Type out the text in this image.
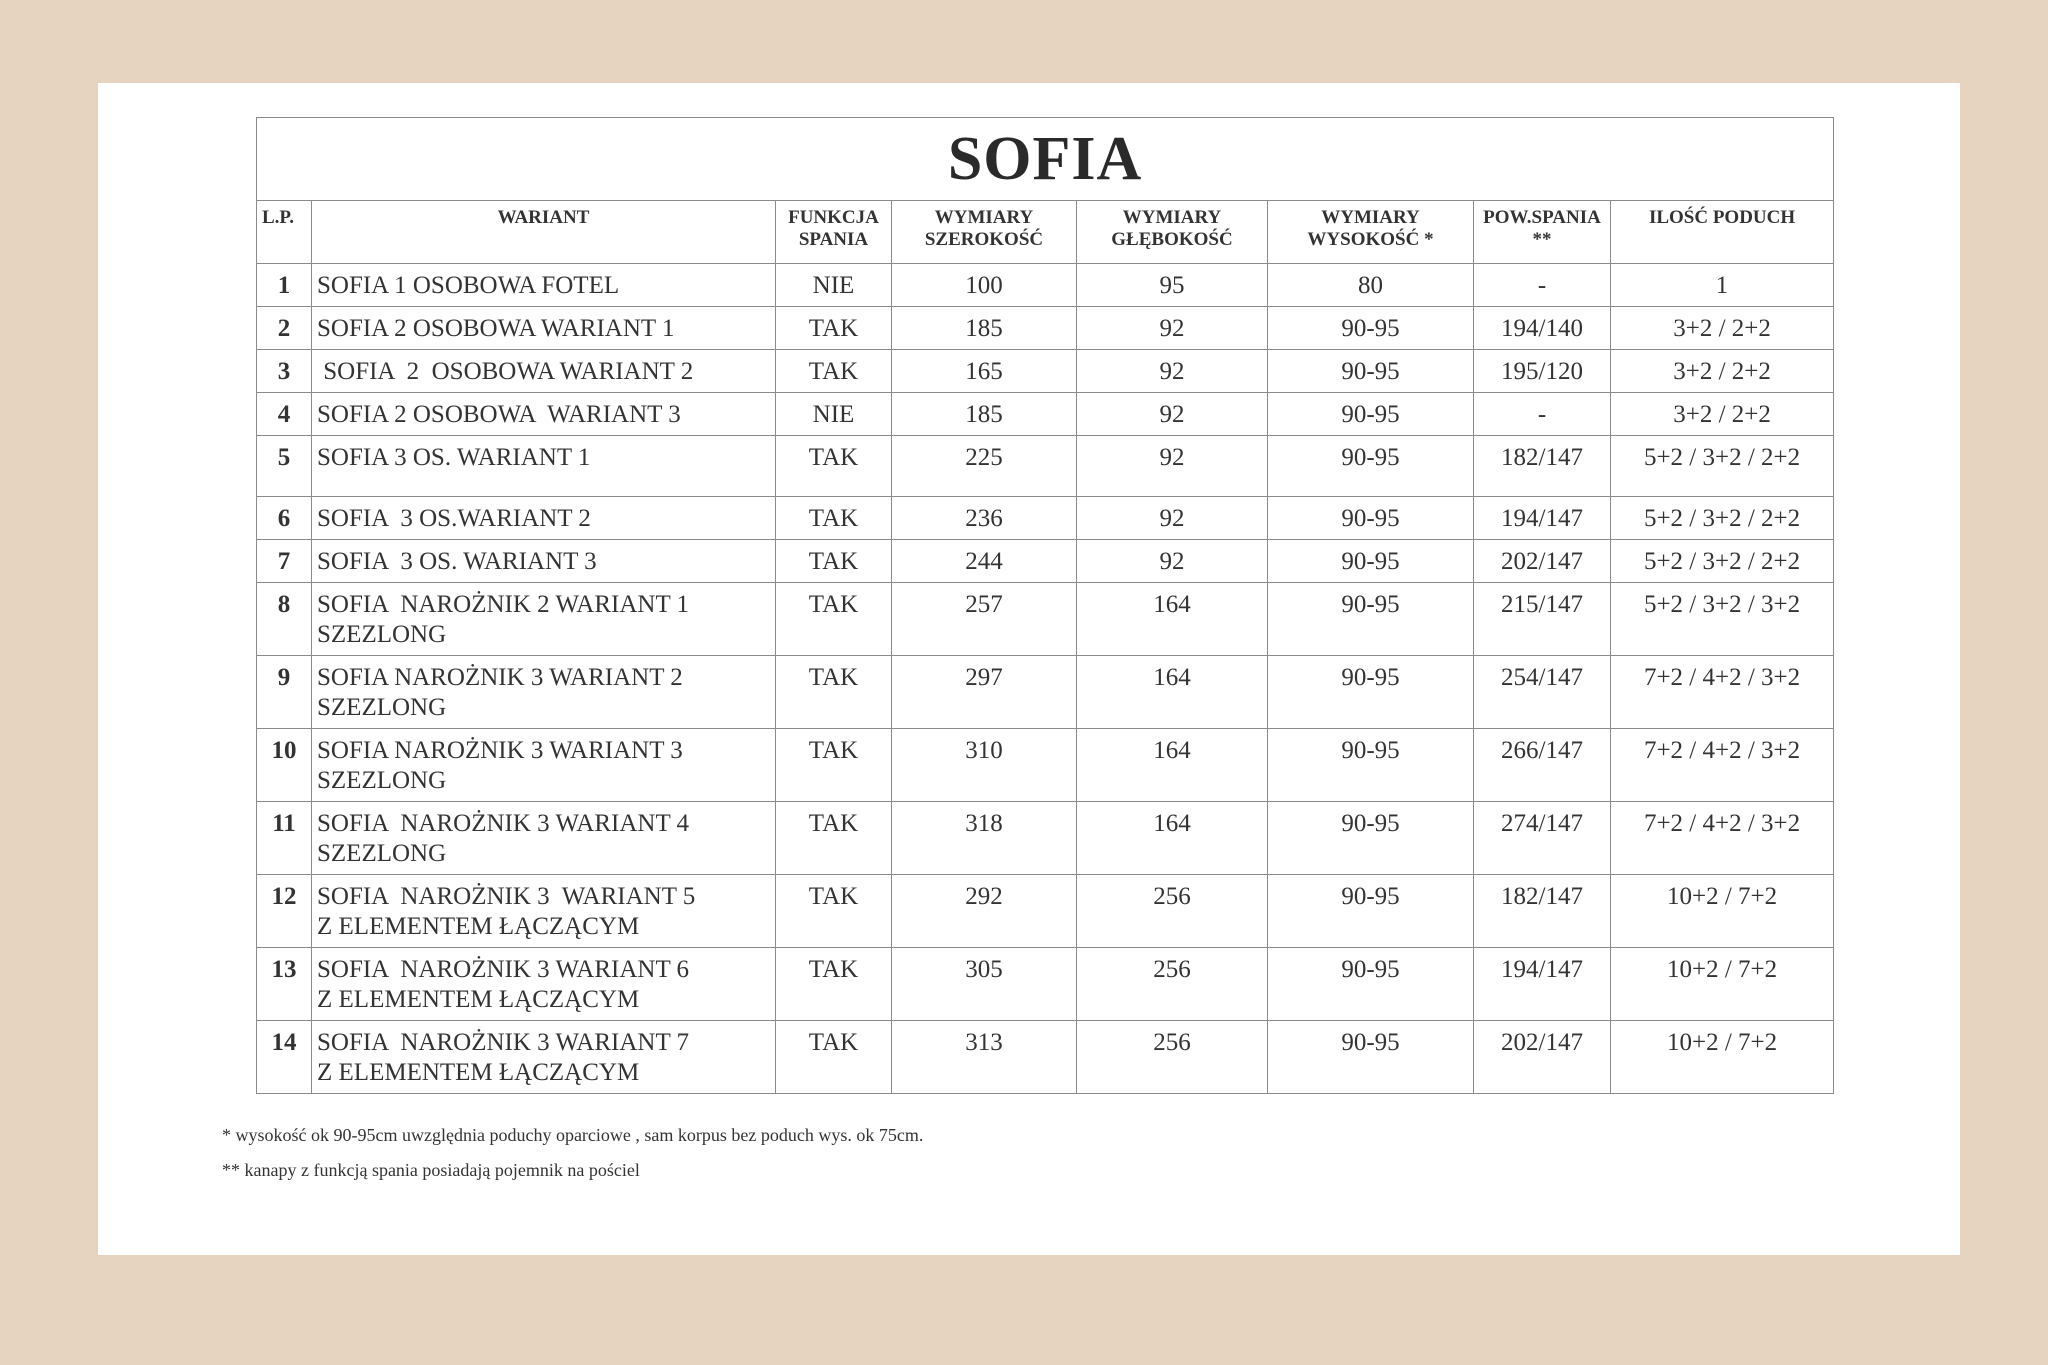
SOFIA							
L.P.	WARIANT	FUNKCJA SPANIA	WYMIARY SZEROKOŚĆ	WYMIARY GŁĘBOKOŚĆ	WYMIARY WYSOKOŚĆ *	POW.SPANIA **	ILOŚĆ PODUCH
1	SOFIA 1 OSOBOWA FOTEL	NIE	100	95	80	-	1
2	SOFIA 2 OSOBOWA WARIANT 1	TAK	185	92	90-95	194/140	3+2 / 2+2
3	SOFIA  2  OSOBOWA WARIANT 2	TAK	165	92	90-95	195/120	3+2 / 2+2
4	SOFIA 2 OSOBOWA  WARIANT 3	NIE	185	92	90-95	-	3+2 / 2+2
5	SOFIA 3 OS. WARIANT 1	TAK	225	92	90-95	182/147	5+2 / 3+2 / 2+2
6	SOFIA  3 OS.WARIANT 2	TAK	236	92	90-95	194/147	5+2 / 3+2 / 2+2
7	SOFIA  3 OS. WARIANT 3	TAK	244	92	90-95	202/147	5+2 / 3+2 / 2+2
8	SOFIA  NAROŻNIK 2 WARIANT 1
SZEZLONG	TAK	257	164	90-95	215/147	5+2 / 3+2 / 3+2
9	SOFIA NAROŻNIK 3 WARIANT 2
SZEZLONG	TAK	297	164	90-95	254/147	7+2 / 4+2 / 3+2
10	SOFIA NAROŻNIK 3 WARIANT 3
SZEZLONG	TAK	310	164	90-95	266/147	7+2 / 4+2 / 3+2
11	SOFIA  NAROŻNIK 3 WARIANT 4
SZEZLONG	TAK	318	164	90-95	274/147	7+2 / 4+2 / 3+2
12	SOFIA  NAROŻNIK 3  WARIANT 5
Z ELEMENTEM ŁĄCZĄCYM	TAK	292	256	90-95	182/147	10+2 / 7+2
13	SOFIA  NAROŻNIK 3 WARIANT 6
Z ELEMENTEM ŁĄCZĄCYM	TAK	305	256	90-95	194/147	10+2 / 7+2
14	SOFIA  NAROŻNIK 3 WARIANT 7
Z ELEMENTEM ŁĄCZĄCYM	TAK	313	256	90-95	202/147	10+2 / 7+2
* wysokość ok 90-95cm uwzględnia poduchy oparciowe , sam korpus bez poduch wys. ok 75cm.
** kanapy z funkcją spania posiadają pojemnik na pościel
